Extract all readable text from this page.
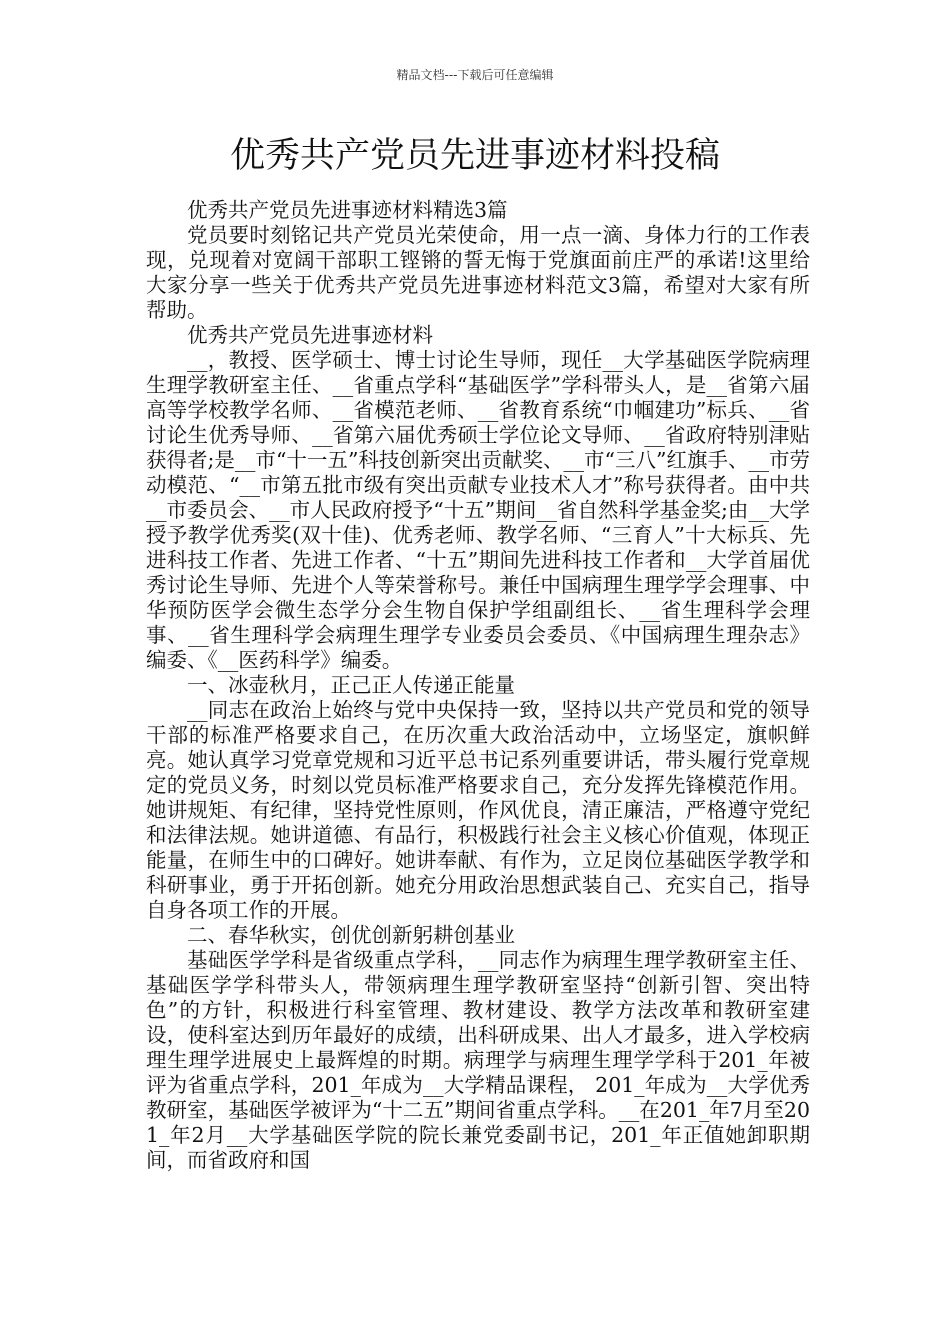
精品文档---下载后可任意编辑
优秀共产党员先进事迹材料投稿

优秀共产党员先进事迹材料精选3篇

党员要时刻铭记共产党员光荣使命，用一点一滴、身体力行的工作表现，兑现着对宽阔干部职工铿锵的誓无悔于党旗面前庄严的承诺!这里给大家分享一些关于优秀共产党员先进事迹材料范文3篇，希望对大家有所帮助。

优秀共产党员先进事迹材料

__，教授、医学硕士、博士讨论生导师，现任__大学基础医学院病理生理学教研室主任、__省重点学科“基础医学”学科带头人，是__省第六届高等学校教学名师、__省模范老师、__省教育系统“巾帼建功”标兵、__省讨论生优秀导师、__省第六届优秀硕士学位论文导师、__省政府特别津贴获得者;是__市“十一五”科技创新突出贡献奖、__市“三八”红旗手、__市劳动模范、“__市第五批市级有突出贡献专业技术人才”称号获得者。由中共__市委员会、__市人民政府授予“十五”期间__省自然科学基金奖;由__大学授予教学优秀奖(双十佳)、优秀老师、教学名师、“三育人”十大标兵、先进科技工作者、先进工作者、“十五”期间先进科技工作者和__大学首届优秀讨论生导师、先进个人等荣誉称号。兼任中国病理生理学学会理事、中华预防医学会微生态学分会生物自保护学组副组长、__省生理科学会理事、__省生理科学会病理生理学专业委员会委员、《中国病理生理杂志》编委、《__医药科学》编委。

一、冰壶秋月，正己正人传递正能量

__同志在政治上始终与党中央保持一致，坚持以共产党员和党的领导干部的标准严格要求自己，在历次重大政治活动中，立场坚定，旗帜鲜亮。她认真学习党章党规和习近平总书记系列重要讲话，带头履行党章规定的党员义务，时刻以党员标准严格要求自己，充分发挥先锋模范作用。她讲规矩、有纪律，坚持党性原则，作风优良，清正廉洁，严格遵守党纪和法律法规。她讲道德、有品行，积极践行社会主义核心价值观，体现正能量，在师生中的口碑好。她讲奉献、有作为，立足岗位基础医学教学和科研事业，勇于开拓创新。她充分用政治思想武装自己、充实自己，指导自身各项工作的开展。

二、春华秋实，创优创新躬耕创基业

基础医学学科是省级重点学科，__同志作为病理生理学教研室主任、基础医学学科带头人，带领病理生理学教研室坚持“创新引智、突出特色”的方针，积极进行科室管理、教材建设、教学方法改革和教研室建设，使科室达到历年最好的成绩，出科研成果、出人才最多，进入学校病理生理学进展史上最辉煌的时期。病理学与病理生理学学科于201_年被评为省重点学科，201_年成为__大学精品课程， 201_年成为__大学优秀教研室，基础医学被评为“十二五”期间省重点学科。__在201_年7月至201_年2月__大学基础医学院的院长兼党委副书记，201_年正值她卸职期间，而省政府和国
